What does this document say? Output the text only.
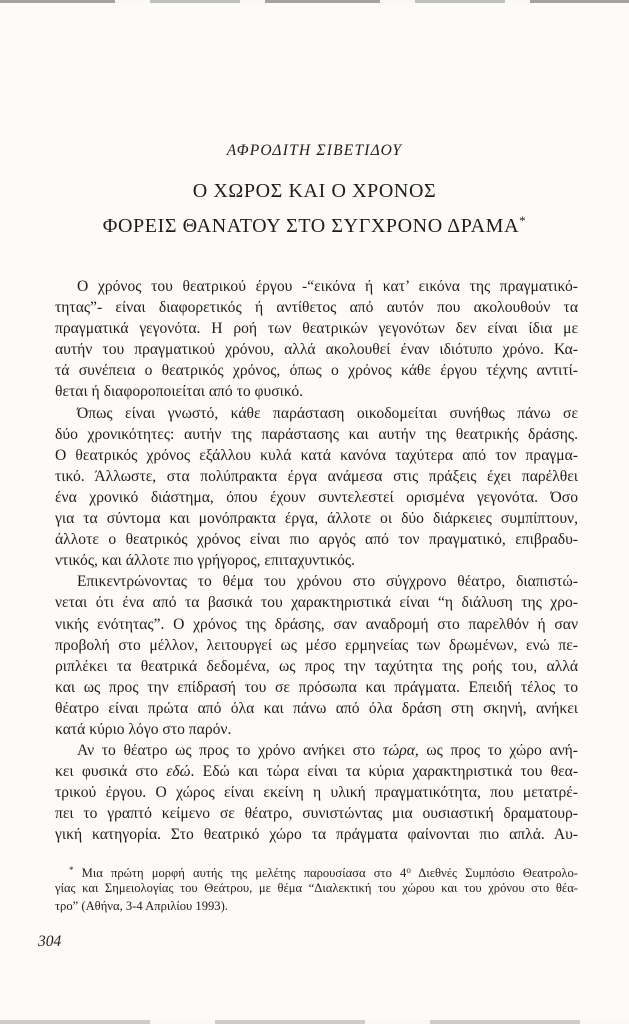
ΑΦΡΟΔΙΤΗ ΣΙΒΕΤΙΔΟΥ
Ο ΧΩΡΟΣ ΚΑΙ Ο ΧΡΟΝΟΣ
ΦΟΡΕΙΣ ΘΑΝΑΤΟΥ ΣΤΟ ΣΥΓΧΡΟΝΟ ΔΡΑΜΑ*
Ο χρόνος του θεατρικού έργου -“εικόνα ή κατ’ εικόνα της πραγματικό-
τητας”- είναι διαφορετικός ή αντίθετος από αυτόν που ακολουθούν τα
πραγματικά γεγονότα. Η ροή των θεατρικών γεγονότων δεν είναι ίδια με
αυτήν του πραγματικού χρόνου, αλλά ακολουθεί έναν ιδιότυπο χρόνο. Κα-
τά συνέπεια ο θεατρικός χρόνος, όπως ο χρόνος κάθε έργου τέχνης αντιτί-
θεται ή διαφοροποιείται από το φυσικό.
Όπως είναι γνωστό, κάθε παράσταση οικοδομείται συνήθως πάνω σε
δύο χρονικότητες: αυτήν της παράστασης και αυτήν της θεατρικής δράσης.
Ο θεατρικός χρόνος εξάλλου κυλά κατά κανόνα ταχύτερα από τον πραγμα-
τικό. Άλλωστε, στα πολύπρακτα έργα ανάμεσα στις πράξεις έχει παρέλθει
ένα χρονικό διάστημα, όπου έχουν συντελεστεί ορισμένα γεγονότα. Όσο
για τα σύντομα και μονόπρακτα έργα, άλλοτε οι δύο διάρκειες συμπίπτουν,
άλλοτε ο θεατρικός χρόνος είναι πιο αργός από τον πραγματικό, επιβραδυ-
ντικός, και άλλοτε πιο γρήγορος, επιταχυντικός.
Επικεντρώνοντας το θέμα του χρόνου στο σύγχρονο θέατρο, διαπιστώ-
νεται ότι ένα από τα βασικά του χαρακτηριστικά είναι “η διάλυση της χρο-
νικής ενότητας”. Ο χρόνος της δράσης, σαν αναδρομή στο παρελθόν ή σαν
προβολή στο μέλλον, λειτουργεί ως μέσο ερμηνείας των δρωμένων, ενώ πε-
ριπλέκει τα θεατρικά δεδομένα, ως προς την ταχύτητα της ροής του, αλλά
και ως προς την επίδρασή του σε πρόσωπα και πράγματα. Επειδή τέλος το
θέατρο είναι πρώτα από όλα και πάνω από όλα δράση στη σκηνή, ανήκει
κατά κύριο λόγο στο παρόν.
Αν το θέατρο ως προς το χρόνο ανήκει στο τώρα, ως προς το χώρο ανή-
κει φυσικά στο εδώ. Εδώ και τώρα είναι τα κύρια χαρακτηριστικά του θεα-
τρικού έργου. Ο χώρος είναι εκείνη η υλική πραγματικότητα, που μετατρέ-
πει το γραπτό κείμενο σε θέατρο, συνιστώντας μια ουσιαστική δραματουρ-
γική κατηγορία. Στο θεατρικό χώρο τα πράγματα φαίνονται πιο απλά. Αυ-
* Μια πρώτη μορφή αυτής της μελέτης παρουσίασα στο $4^o$ Διεθνές Συμπόσιο Θεατρολο-
γίας και Σημειολογίας του Θεάτρου, με θέμα “Διαλεκτική του χώρου και του χρόνου στο θέα-
τρο” (Αθήνα, 3-4 Απριλίου 1993).
304
